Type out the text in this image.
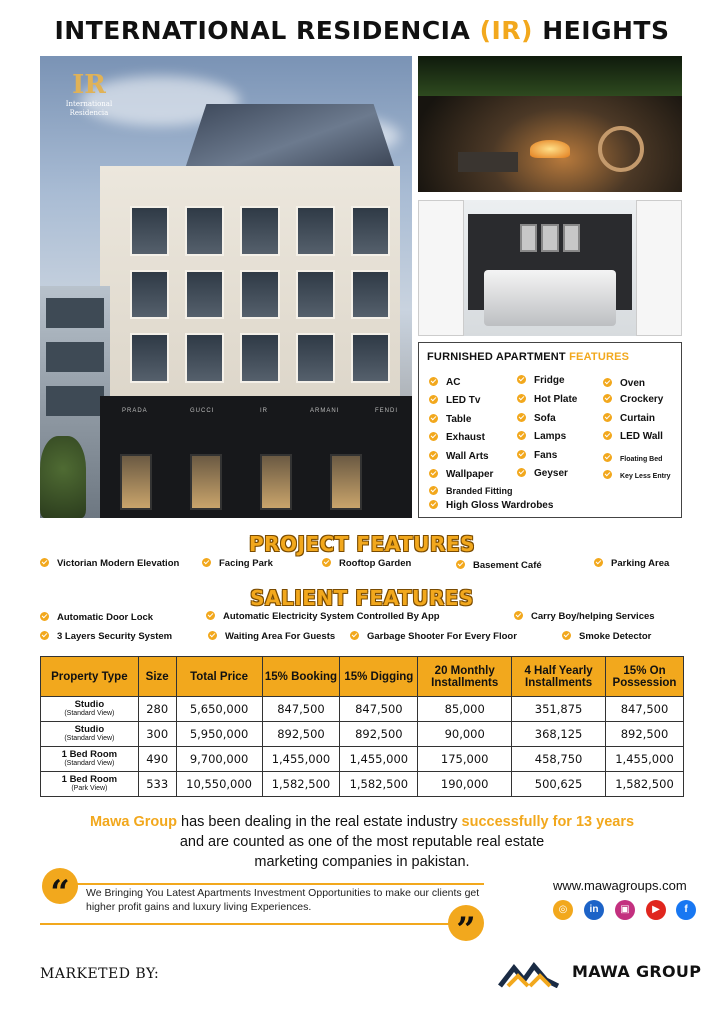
INTERNATIONAL RESIDENCIA (IR) HEIGHTS
PRADA	GUCCI	IR	ARMANI	FENDI
IR
International
Residencia
FURNISHED APARTMENT FEATURES
AC
LED Tv
Table
Exhaust
Wall Arts
Wallpaper
Fridge
Hot Plate
Sofa
Lamps
Fans
Geyser
Oven
Crockery
Curtain
LED Wall
Floating Bed
Key Less Entry
Branded Fitting
High Gloss Wardrobes
PROJECT FEATURES
Victorian Modern Elevation	Facing Park	Rooftop Garden	Basement Café	Parking Area
SALIENT FEATURES
Automatic Door Lock	Automatic Electricity System Controlled By App	Carry Boy/helping Services
3 Layers Security System	Waiting Area For Guests	Garbage Shooter For Every Floor	Smoke Detector
Property Type	Size	Total Price	15% Booking	15% Digging	20 Monthly Installments	4 Half Yearly Installments	15% On Possession

Studio
(Standard View)	280	5,650,000	847,500	847,500	85,000	351,875	847,500

Studio
(Standard View)	300	5,950,000	892,500	892,500	90,000	368,125	892,500

1 Bed Room
(Standard View)	490	9,700,000	1,455,000	1,455,000	175,000	458,750	1,455,000

1 Bed Room
(Park View)	533	10,550,000	1,582,500	1,582,500	190,000	500,625	1,582,500
Mawa Group has been dealing in the real estate industry successfully for 13 years
and are counted as one of the most reputable real estate
marketing companies in pakistan.
“
”
We Bringing You Latest Apartments Investment Opportunities to make our clients get higher profit gains and luxury living Experiences.
www.mawagroups.com
◎	in	▣	▶	f
MARKETED BY:	MAWA GROUP
